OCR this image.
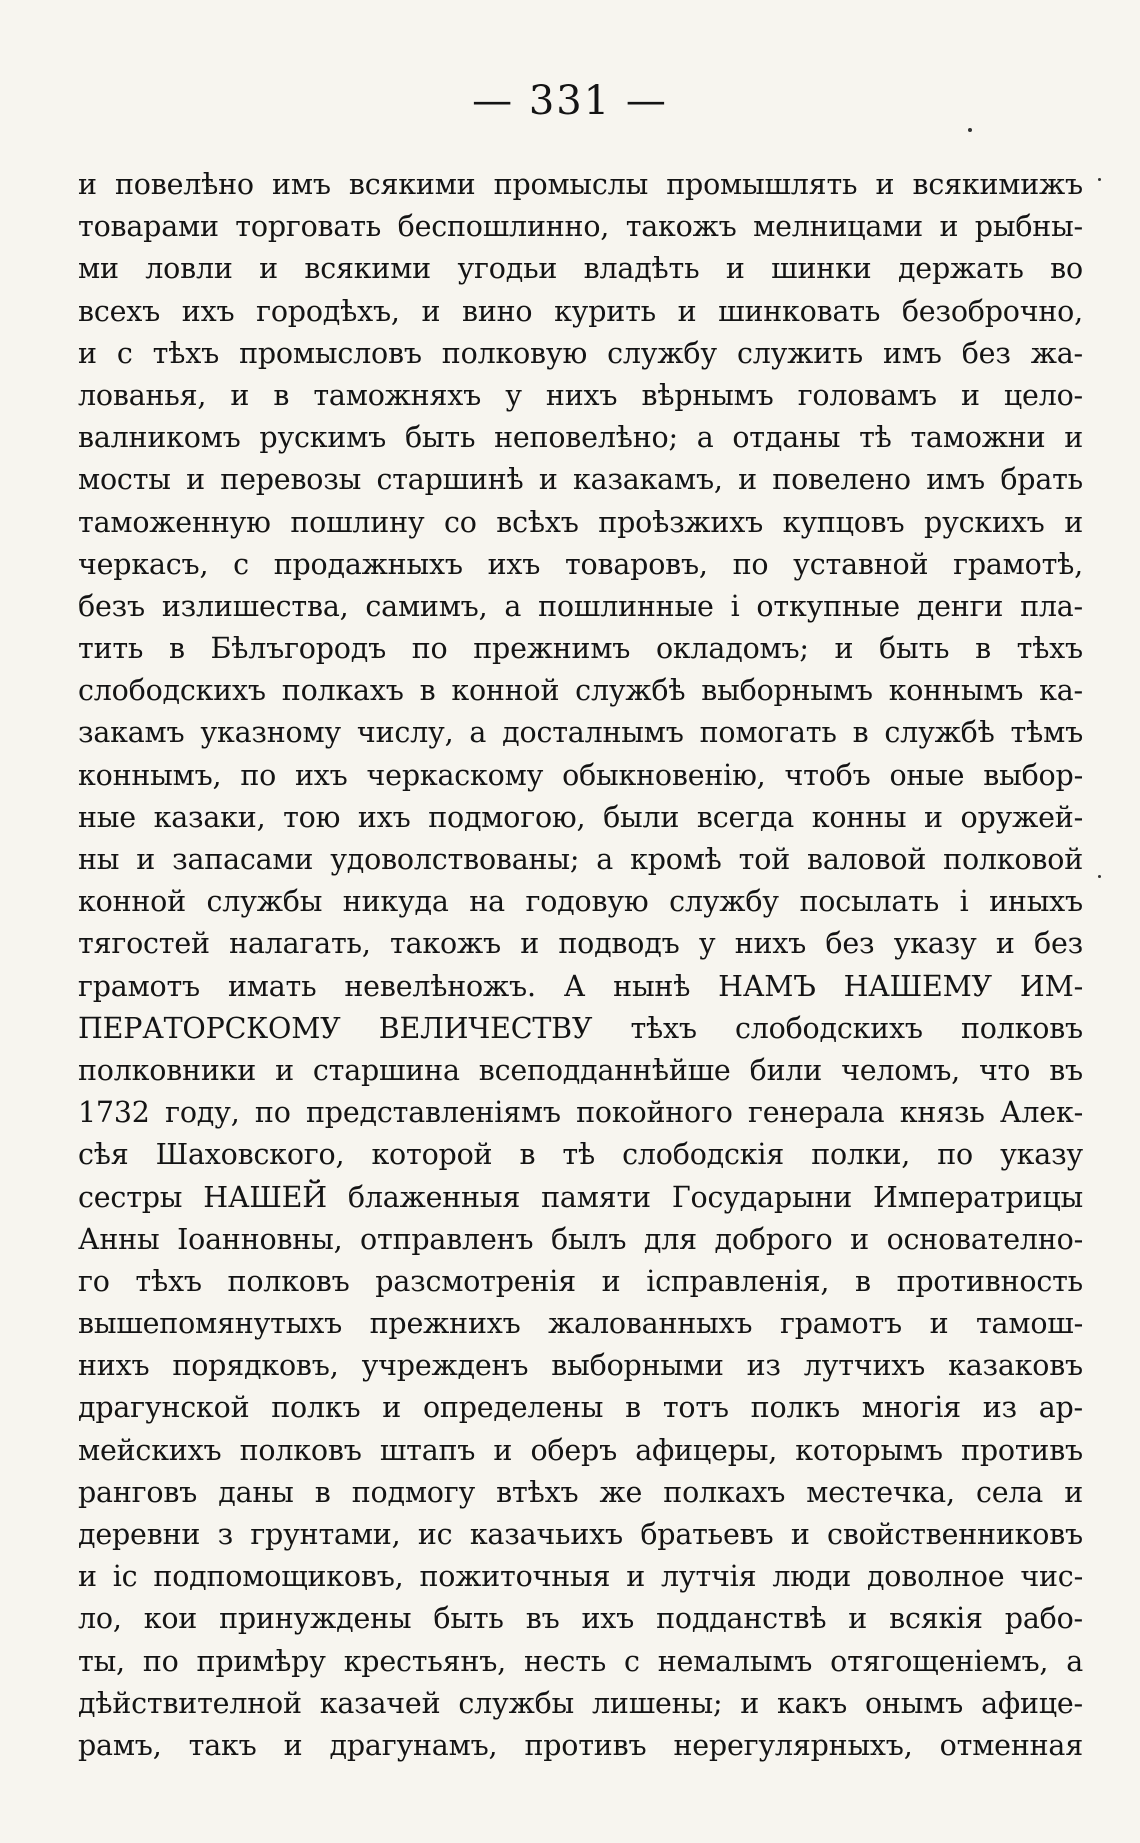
— 331 —
и повелѣно имъ всякими промыслы промышлять и всякимижъ
товарами торговать беспошлинно, такожъ мелницами и рыбны-
ми ловли и всякими угодьи владѣть и шинки держать во
всехъ ихъ городѣхъ, и вино курить и шинковать безоброчно,
и с тѣхъ промысловъ полковую службу служить имъ без жа-
лованья, и в таможняхъ у нихъ вѣрнымъ головамъ и цело-
валникомъ рускимъ быть неповелѣно; а отданы тѣ таможни и
мосты и перевозы старшинѣ и казакамъ, и повелено имъ брать
таможенную пошлину со всѣхъ проѣзжихъ купцовъ рускихъ и
черкасъ, с продажныхъ ихъ товаровъ, по уставной грамотѣ,
безъ излишества, самимъ, а пошлинные і откупные денги пла-
тить в Бѣлъгородъ по прежнимъ окладомъ; и быть в тѣхъ
слободскихъ полкахъ в конной службѣ выборнымъ коннымъ ка-
закамъ указному числу, а досталнымъ помогать в службѣ тѣмъ
коннымъ, по ихъ черкаскому обыкновенію, чтобъ оные выбор-
ные казаки, тою ихъ подмогою, были всегда конны и оружей-
ны и запасами удоволствованы; а кромѣ той валовой полковой
конной службы никуда на годовую службу посылать і иныхъ
тягостей налагать, такожъ и подводъ у нихъ без указу и без
грамотъ имать невелѣножъ. А нынѣ НАМЪ НАШЕМУ ИМ-
ПЕРАТОРСКОМУ ВЕЛИЧЕСТВУ тѣхъ слободскихъ полковъ
полковники и старшина всеподданнѣйше били челомъ, что въ
1732 году, по представленіямъ покойного генерала князь Алек-
сѣя Шаховского, которой в тѣ слободскія полки, по указу
сестры НАШЕЙ блаженныя памяти Государыни Императрицы
Анны Іоанновны, отправленъ былъ для доброго и основателно-
го тѣхъ полковъ разсмотренія и ісправленія, в противность
вышепомянутыхъ прежнихъ жалованныхъ грамотъ и тамош-
нихъ порядковъ, учрежденъ выборными из лутчихъ казаковъ
драгунской полкъ и определены в тотъ полкъ многія из ар-
мейскихъ полковъ штапъ и оберъ афицеры, которымъ противъ
ранговъ даны в подмогу втѣхъ же полкахъ местечка, села и
деревни з грунтами, ис казачьихъ братьевъ и свойственниковъ
и іс подпомощиковъ, пожиточныя и лутчія люди доволное чис-
ло, кои принуждены быть въ ихъ подданствѣ и всякія рабо-
ты, по примѣру крестьянъ, несть с немалымъ отягощеніемъ, а
дѣйствителной казачей службы лишены; и какъ онымъ афице-
рамъ, такъ и драгунамъ, противъ нерегулярныхъ, отменная
